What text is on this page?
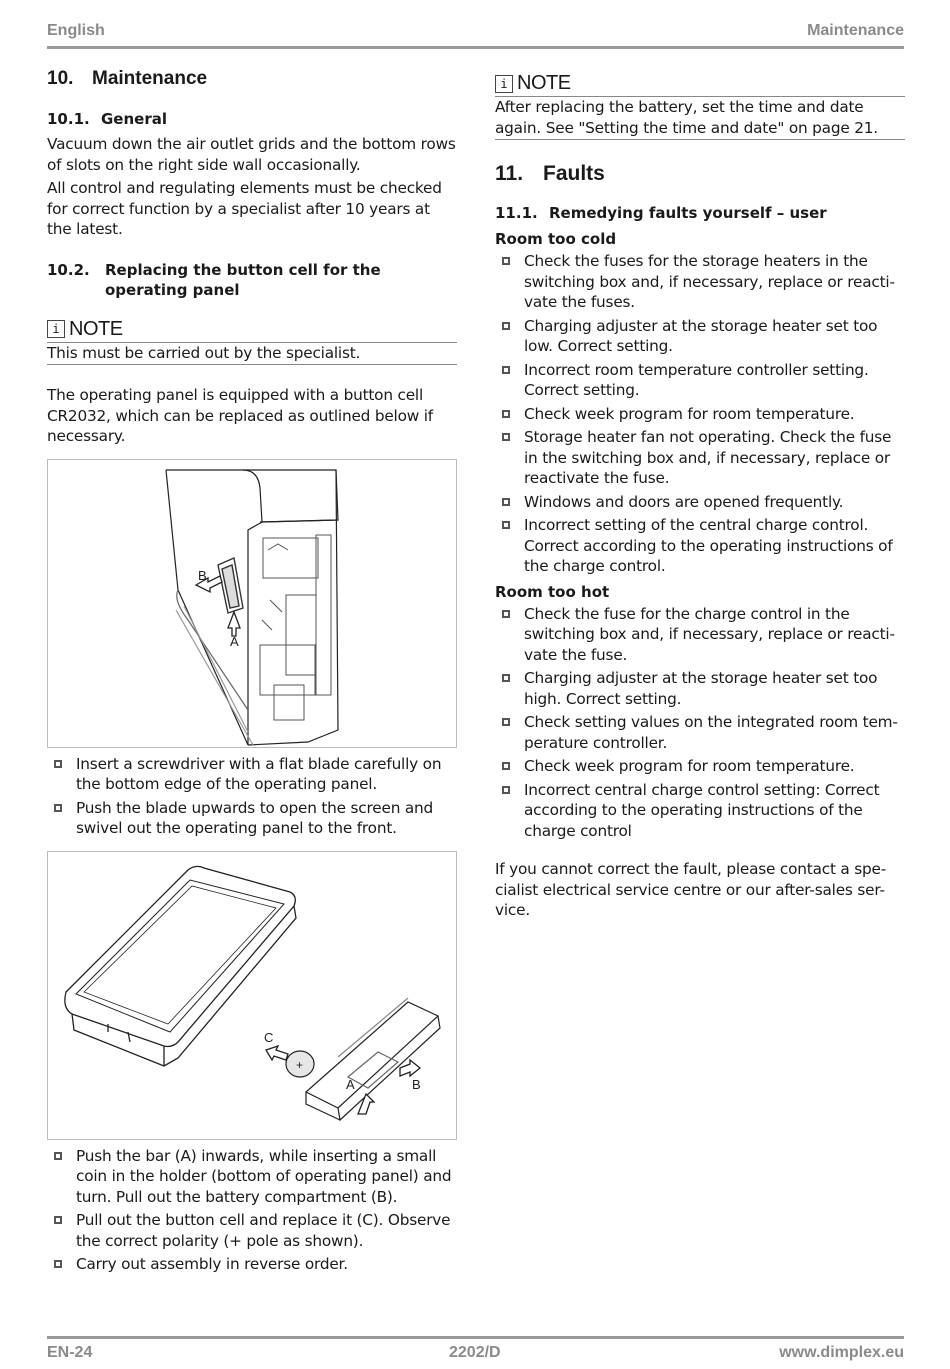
English	Maintenance
10. Maintenance
10.1. General

Vacuum down the air outlet grids and the bottom rows of slots on the right side wall occasionally.

All control and regulating elements must be checked for correct function by a specialist after 10 years at the latest.

10.2. Replacing the button cell for the operating panel
i NOTE
This must be carried out by the specialist.

The operating panel is equipped with a button cell CR2032, which can be replaced as outlined below if necessary.

B
A
Insert a screwdriver with a flat blade carefully on the bottom edge of the operating panel.
Push the blade upwards to open the screen and swivel out the operating panel to the front.
+
C
A	B
Push the bar (A) inwards, while inserting a small coin in the holder (bottom of operating panel) and turn. Pull out the battery compartment (B).
Pull out the button cell and replace it (C). Observe the correct polarity (+ pole as shown).
Carry out assembly in reverse order.
i NOTE
After replacing the battery, set the time and date again. See "Setting the time and date" on page 21.
11. Faults
11.1. Remedying faults yourself – user
Room too cold
Check the fuses for the storage heaters in the switching box and, if necessary, replace or reacti-vate the fuses.
Charging adjuster at the storage heater set too low. Correct setting.
Incorrect room temperature controller setting. Correct setting.
Check week program for room temperature.
Storage heater fan not operating. Check the fuse in the switching box and, if necessary, replace or reactivate the fuse.
Windows and doors are opened frequently.
Incorrect setting of the central charge control. Correct according to the operating instructions of the charge control.
Room too hot
Check the fuse for the charge control in the switching box and, if necessary, replace or reacti-vate the fuse.
Charging adjuster at the storage heater set too high. Correct setting.
Check setting values on the integrated room tem-perature controller.
Check week program for room temperature.
Incorrect central charge control setting: Correct according to the operating instructions of the charge control

If you cannot correct the fault, please contact a spe-cialist electrical service centre or our after-sales ser-vice.

EN-24	2202/D	www.dimplex.eu
